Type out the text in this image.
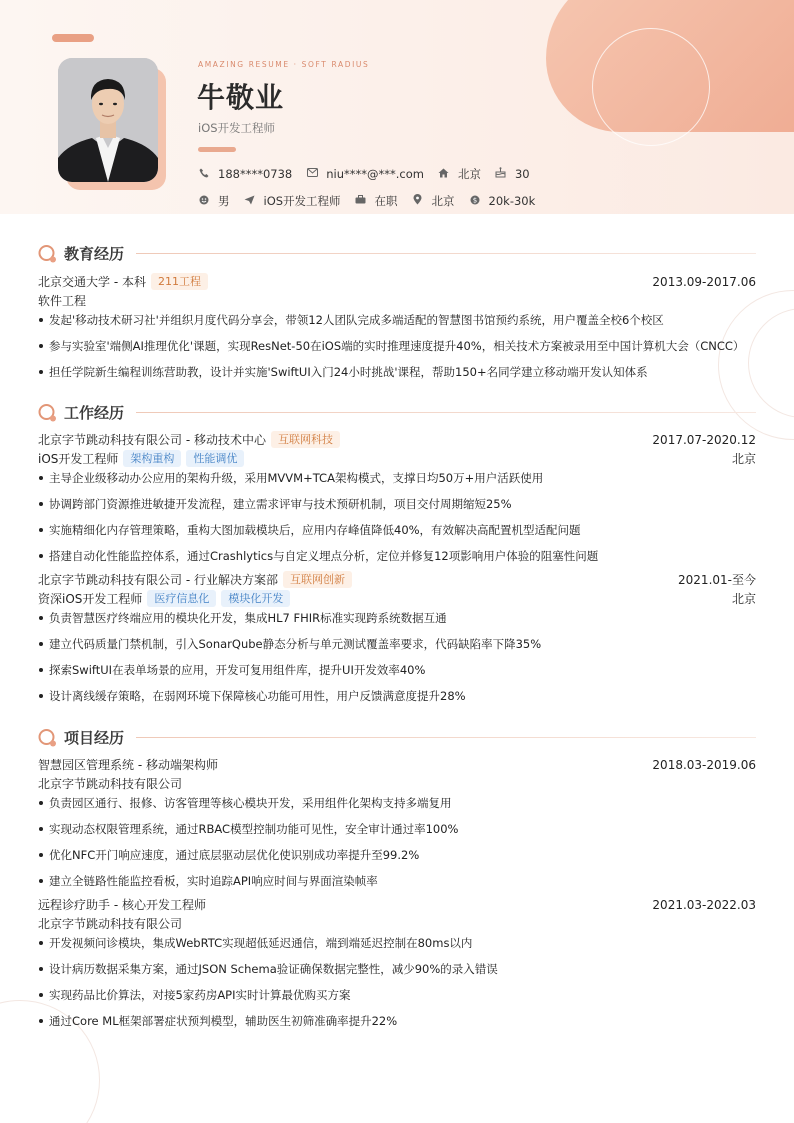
AMAZING RESUME · SOFT RADIUS
牛敬业
iOS开发工程师
188****0738	niu****@***.com	北京	30
男	iOS开发工程师	在职	北京	$ 20k-30k
教育经历
北京交通大学 - 本科	211工程	2013.09-2017.06
软件工程
发起'移动技术研习社'并组织月度代码分享会，带领12人团队完成多端适配的智慧图书馆预约系统，用户覆盖全校6个校区
参与实验室'端侧AI推理优化'课题，实现ResNet-50在iOS端的实时推理速度提升40%，相关技术方案被录用至中国计算机大会（CNCC）
担任学院新生编程训练营助教，设计并实施'SwiftUI入门24小时挑战'课程，帮助150+名同学建立移动端开发认知体系
工作经历
北京字节跳动科技有限公司 - 移动技术中心	互联网科技	2017.07-2020.12
iOS开发工程师	架构重构	性能调优	北京
主导企业级移动办公应用的架构升级，采用MVVM+TCA架构模式，支撑日均50万+用户活跃使用
协调跨部门资源推进敏捷开发流程，建立需求评审与技术预研机制，项目交付周期缩短25%
实施精细化内存管理策略，重构大图加载模块后，应用内存峰值降低40%，有效解决高配置机型适配问题
搭建自动化性能监控体系，通过Crashlytics与自定义埋点分析，定位并修复12项影响用户体验的阻塞性问题
北京字节跳动科技有限公司 - 行业解决方案部	互联网创新	2021.01-至今
资深iOS开发工程师	医疗信息化	模块化开发	北京
负责智慧医疗终端应用的模块化开发，集成HL7 FHIR标准实现跨系统数据互通
建立代码质量门禁机制，引入SonarQube静态分析与单元测试覆盖率要求，代码缺陷率下降35%
探索SwiftUI在表单场景的应用，开发可复用组件库，提升UI开发效率40%
设计离线缓存策略，在弱网环境下保障核心功能可用性，用户反馈满意度提升28%
项目经历
智慧园区管理系统 - 移动端架构师	2018.03-2019.06
北京字节跳动科技有限公司
负责园区通行、报修、访客管理等核心模块开发，采用组件化架构支持多端复用
实现动态权限管理系统，通过RBAC模型控制功能可见性，安全审计通过率100%
优化NFC开门响应速度，通过底层驱动层优化使识别成功率提升至99.2%
建立全链路性能监控看板，实时追踪API响应时间与界面渲染帧率
远程诊疗助手 - 核心开发工程师	2021.03-2022.03
北京字节跳动科技有限公司
开发视频问诊模块，集成WebRTC实现超低延迟通信，端到端延迟控制在80ms以内
设计病历数据采集方案，通过JSON Schema验证确保数据完整性，减少90%的录入错误
实现药品比价算法，对接5家药房API实时计算最优购买方案
通过Core ML框架部署症状预判模型，辅助医生初筛准确率提升22%
